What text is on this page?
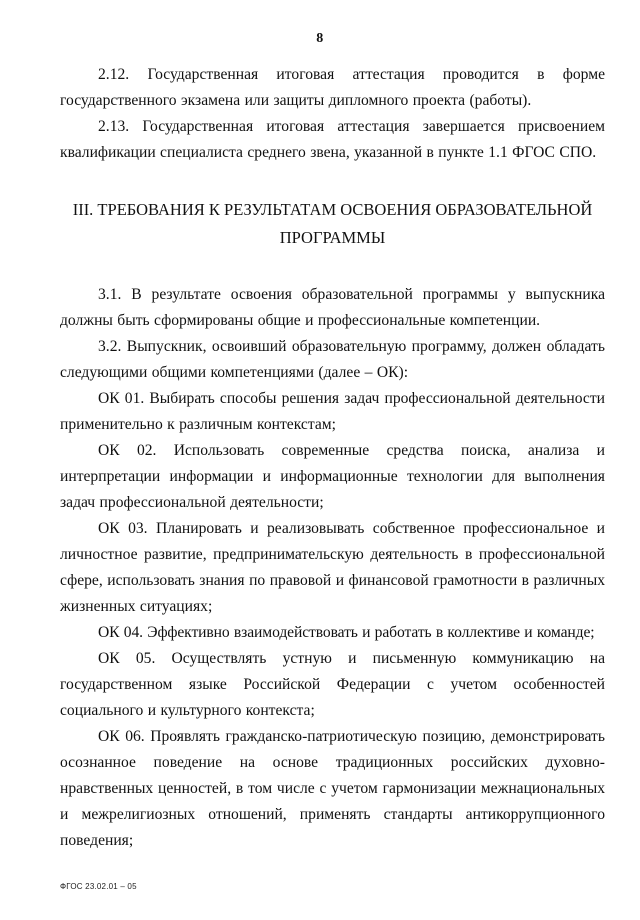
8

2.12. Государственная итоговая аттестация проводится в форме государственного экзамена или защиты дипломного проекта (работы).

2.13. Государственная итоговая аттестация завершается присвоением квалификации специалиста среднего звена, указанной в пункте 1.1 ФГОС СПО.

III. ТРЕБОВАНИЯ К РЕЗУЛЬТАТАМ ОСВОЕНИЯ ОБРАЗОВАТЕЛЬНОЙ
ПРОГРАММЫ

3.1. В результате освоения образовательной программы у выпускника должны быть сформированы общие и профессиональные компетенции.

3.2. Выпускник, освоивший образовательную программу, должен обладать следующими общими компетенциями (далее – ОК):

ОК 01. Выбирать способы решения задач профессиональной деятельности применительно к различным контекстам;

ОК 02. Использовать современные средства поиска, анализа и интерпретации информации и информационные технологии для выполнения задач профессиональной деятельности;

ОК 03. Планировать и реализовывать собственное профессиональное и личностное развитие, предпринимательскую деятельность в профессиональной сфере, использовать знания по правовой и финансовой грамотности в различных жизненных ситуациях;

ОК 04. Эффективно взаимодействовать и работать в коллективе и команде;

ОК 05. Осуществлять устную и письменную коммуникацию на государственном языке Российской Федерации с учетом особенностей социального и культурного контекста;

ОК 06. Проявлять гражданско-патриотическую позицию, демонстрировать осознанное поведение на основе традиционных российских духовно-нравственных ценностей, в том числе с учетом гармонизации межнациональных и межрелигиозных отношений, применять стандарты антикоррупционного поведения;

ФГОС 23.02.01 – 05
